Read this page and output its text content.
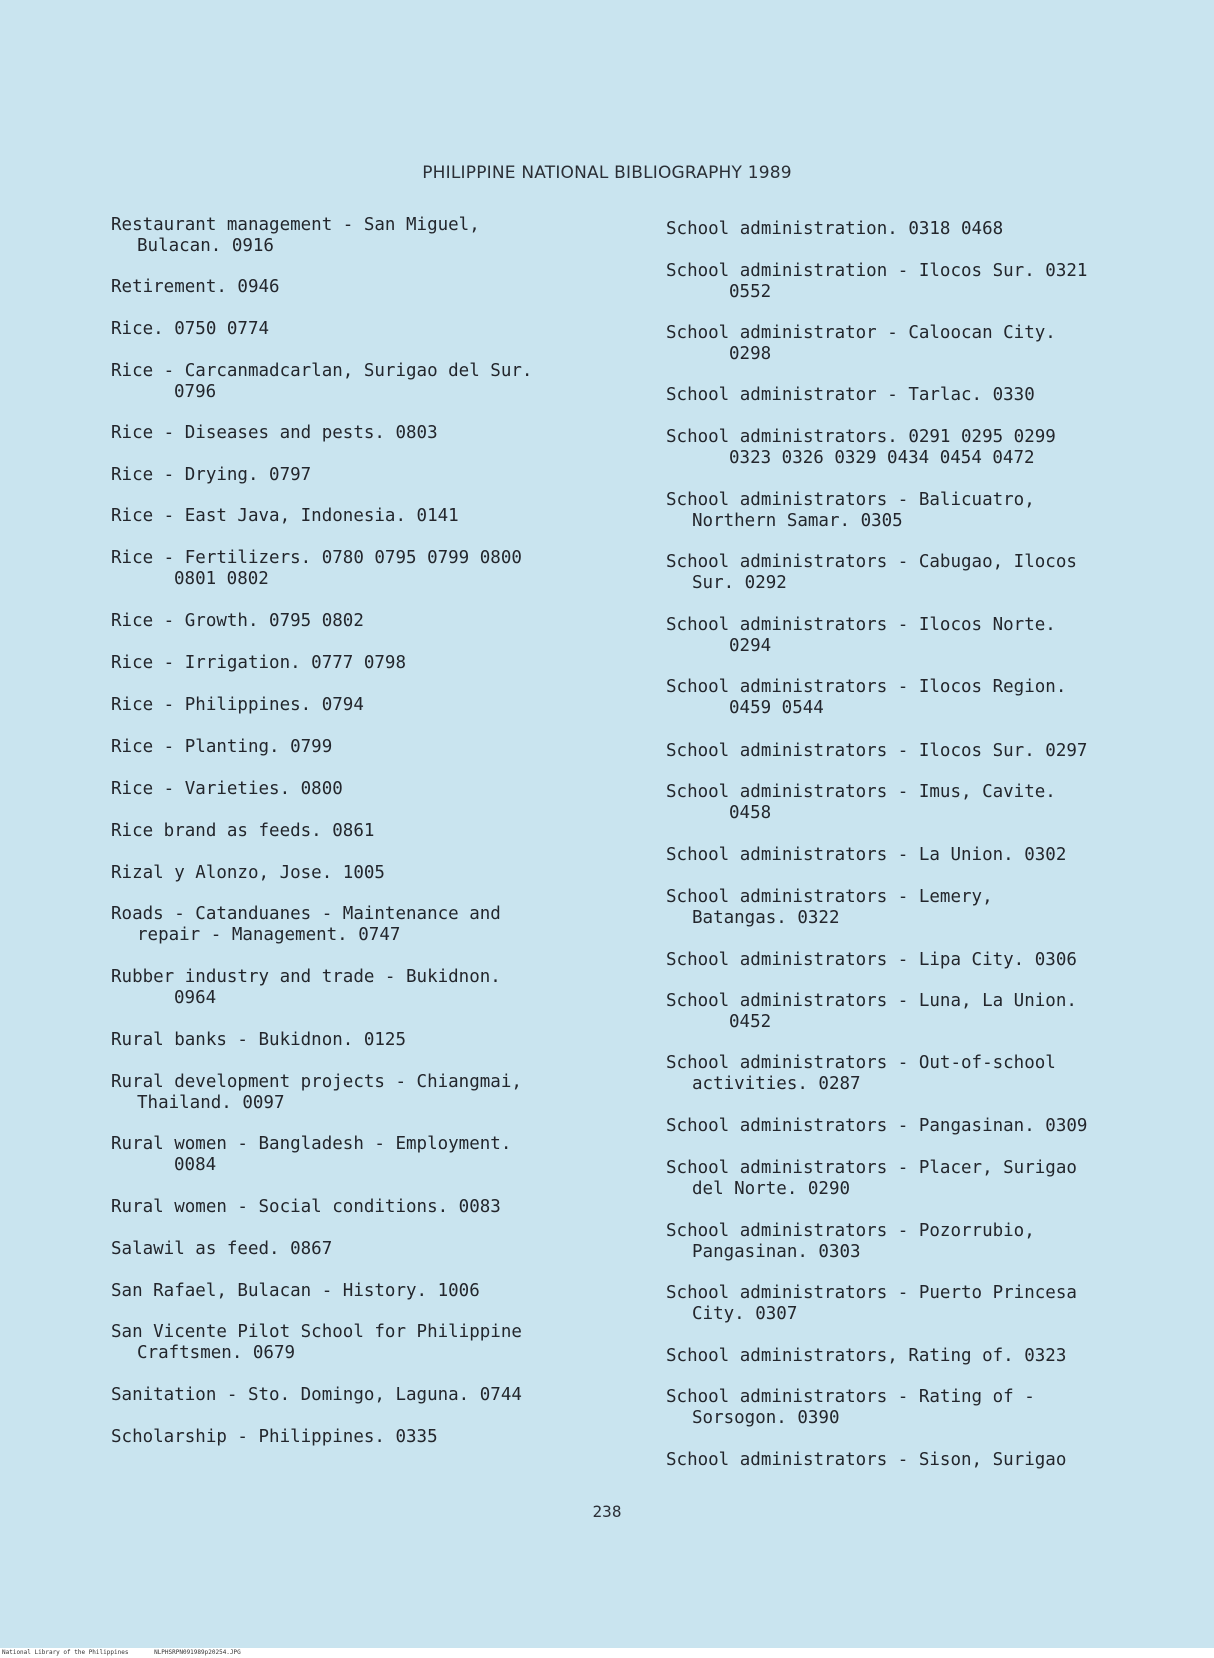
PHILIPPINE NATIONAL BIBLIOGRAPHY 1989
Restaurant management - San Miguel,
Bulacan. 0916
Retirement. 0946
Rice. 0750 0774
Rice - Carcanmadcarlan, Surigao del Sur.
0796
Rice - Diseases and pests. 0803
Rice - Drying. 0797
Rice - East Java, Indonesia. 0141
Rice - Fertilizers. 0780 0795 0799 0800
0801 0802
Rice - Growth. 0795 0802
Rice - Irrigation. 0777 0798
Rice - Philippines. 0794
Rice - Planting. 0799
Rice - Varieties. 0800
Rice brand as feeds. 0861
Rizal y Alonzo, Jose. 1005
Roads - Catanduanes - Maintenance and
repair - Management. 0747
Rubber industry and trade - Bukidnon.
0964
Rural banks - Bukidnon. 0125
Rural development projects - Chiangmai,
Thailand. 0097
Rural women - Bangladesh - Employment.
0084
Rural women - Social conditions. 0083
Salawil as feed. 0867
San Rafael, Bulacan - History. 1006
San Vicente Pilot School for Philippine
Craftsmen. 0679
Sanitation - Sto. Domingo, Laguna. 0744
Scholarship - Philippines. 0335
School administration. 0318 0468
School administration - Ilocos Sur. 0321
0552
School administrator - Caloocan City.
0298
School administrator - Tarlac. 0330
School administrators. 0291 0295 0299
0323 0326 0329 0434 0454 0472
School administrators - Balicuatro,
Northern Samar. 0305
School administrators - Cabugao, Ilocos
Sur. 0292
School administrators - Ilocos Norte.
0294
School administrators - Ilocos Region.
0459 0544
School administrators - Ilocos Sur. 0297
School administrators - Imus, Cavite.
0458
School administrators - La Union. 0302
School administrators - Lemery,
Batangas. 0322
School administrators - Lipa City. 0306
School administrators - Luna, La Union.
0452
School administrators - Out-of-school
activities. 0287
School administrators - Pangasinan. 0309
School administrators - Placer, Surigao
del Norte. 0290
School administrators - Pozorrubio,
Pangasinan. 0303
School administrators - Puerto Princesa
City. 0307
School administrators, Rating of. 0323
School administrators - Rating of -
Sorsogon. 0390
School administrators - Sison, Surigao
238
National Library of the Philippines	NLPHSRPN091989p20254.JPG
